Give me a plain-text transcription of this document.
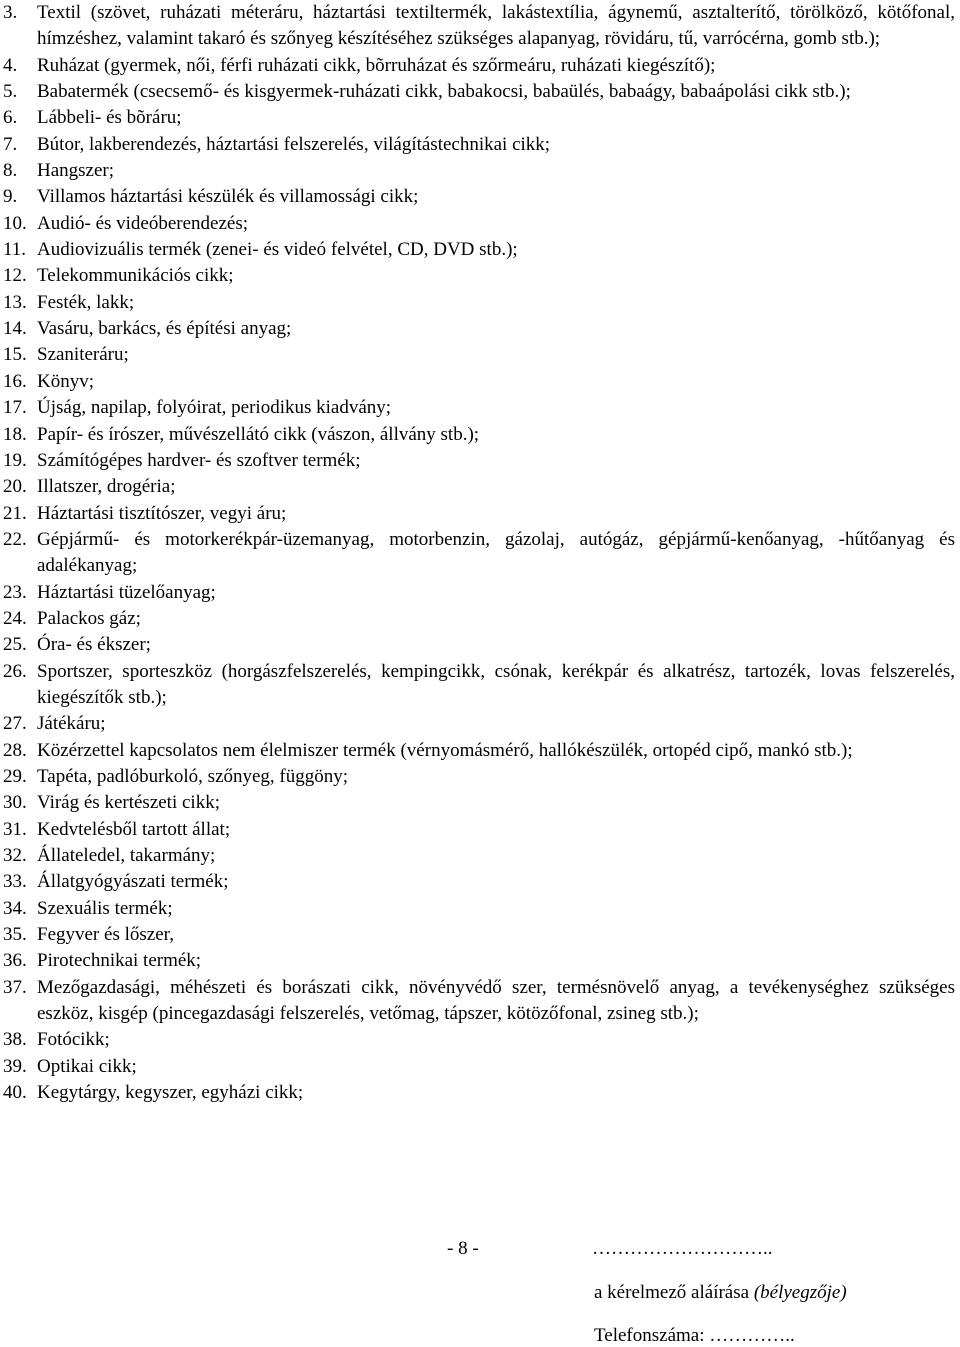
3.	Textil (szövet, ruházati méteráru, háztartási textiltermék, lakástextília, ágynemű, asztalterítő, törölköző, kötőfonal, hímzéshez, valamint takaró és szőnyeg készítéséhez szükséges alapanyag, rövidáru, tű, varrócérna, gomb stb.);
4.	Ruházat (gyermek, női, férfi ruházati cikk, bõrruházat és szőrmeáru, ruházati kiegészítő);
5.	Babatermék (csecsemő- és kisgyermek-ruházati cikk, babakocsi, babaülés, babaágy, babaápolási cikk stb.);
6.	Lábbeli- és bõráru;
7.	Bútor, lakberendezés, háztartási felszerelés, világítástechnikai cikk;
8.	Hangszer;
9.	Villamos háztartási készülék és villamossági cikk;
10. Audió- és videóberendezés;
11. Audiovizuális termék (zenei- és videó felvétel, CD, DVD stb.);
12. Telekommunikációs cikk;
13. Festék, lakk;
14. Vasáru, barkács, és építési anyag;
15. Szaniteráru;
16. Könyv;
17. Újság, napilap, folyóirat, periodikus kiadvány;
18. Papír- és írószer, művészellátó cikk (vászon, állvány stb.);
19. Számítógépes hardver- és szoftver termék;
20. Illatszer, drogéria;
21. Háztartási tisztítószer, vegyi áru;
22. Gépjármű- és motorkerékpár-üzemanyag, motorbenzin, gázolaj, autógáz, gépjármű-kenőanyag, -hűtőanyag és adalékanyag;
23. Háztartási tüzelőanyag;
24. Palackos gáz;
25. Óra- és ékszer;
26. Sportszer, sporteszköz (horgászfelszerelés, kempingcikk, csónak, kerékpár és alkatrész, tartozék, lovas felszerelés, kiegészítők stb.);
27. Játékáru;
28. Közérzettel kapcsolatos nem élelmiszer termék (vérnyomásmérő, hallókészülék, ortopéd cipő, mankó stb.);
29. Tapéta, padlóburkoló, szőnyeg, függöny;
30. Virág és kertészeti cikk;
31. Kedvtelésből tartott állat;
32. Állateledel, takarmány;
33. Állatgyógyászati termék;
34. Szexuális termék;
35. Fegyver és lőszer,
36. Pirotechnikai termék;
37. Mezőgazdasági, méhészeti és borászati cikk, növényvédő szer, termésnövelő anyag, a tevékenységhez szükséges eszköz, kisgép (pincegazdasági felszerelés, vetőmag, tápszer, kötözőfonal, zsineg stb.);
38. Fotócikk;
39. Optikai cikk;
40. Kegytárgy, kegyszer, egyházi cikk;
- 8 -	………………………..
a kérelmező aláírása (bélyegzője)
Telefonszáma: …………..
